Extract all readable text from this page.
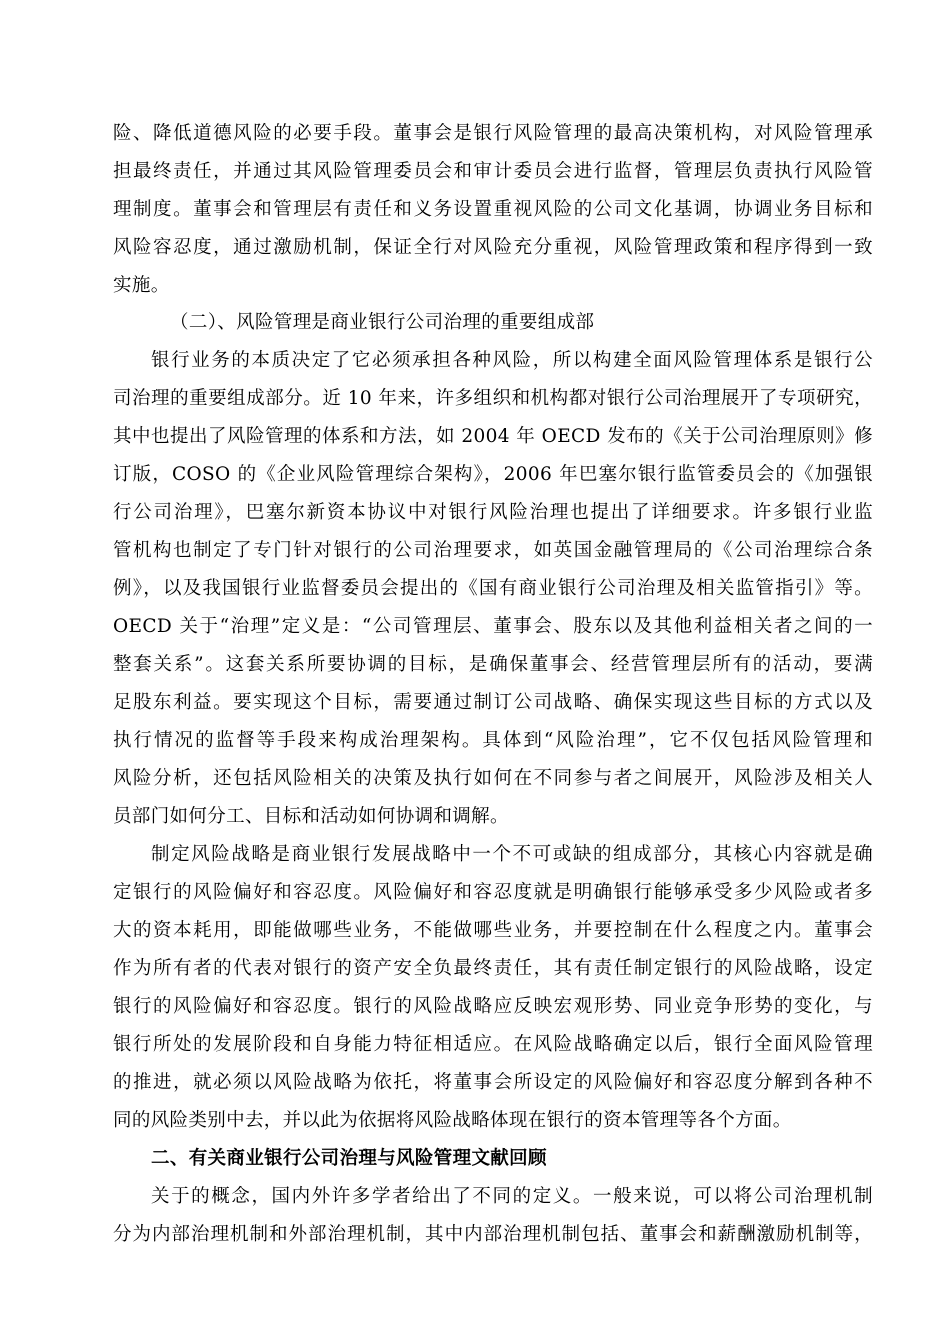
险、降低道德风险的必要手段。董事会是银行风险管理的最高决策机构，对风险管理承
担最终责任，并通过其风险管理委员会和审计委员会进行监督，管理层负责执行风险管
理制度。董事会和管理层有责任和义务设置重视风险的公司文化基调，协调业务目标和
风险容忍度，通过激励机制，保证全行对风险充分重视，风险管理政策和程序得到一致
实施。
（二）、风险管理是商业银行公司治理的重要组成部
银行业务的本质决定了它必须承担各种风险，所以构建全面风险管理体系是银行公
司治理的重要组成部分。近 10 年来，许多组织和机构都对银行公司治理展开了专项研究，
其中也提出了风险管理的体系和方法，如 2004 年 OECD 发布的《关于公司治理原则》修
订版，COSO 的《企业风险管理综合架构》，2006 年巴塞尔银行监管委员会的《加强银
行公司治理》，巴塞尔新资本协议中对银行风险治理也提出了详细要求。许多银行业监
管机构也制定了专门针对银行的公司治理要求，如英国金融管理局的《公司治理综合条
例》，以及我国银行业监督委员会提出的《国有商业银行公司治理及相关监管指引》等。
OECD 关于“治理”定义是：“公司管理层、董事会、股东以及其他利益相关者之间的一
整套关系”。这套关系所要协调的目标，是确保董事会、经营管理层所有的活动，要满
足股东利益。要实现这个目标，需要通过制订公司战略、确保实现这些目标的方式以及
执行情况的监督等手段来构成治理架构。具体到“风险治理”，它不仅包括风险管理和
风险分析，还包括风险相关的决策及执行如何在不同参与者之间展开，风险涉及相关人
员部门如何分工、目标和活动如何协调和调解。
制定风险战略是商业银行发展战略中一个不可或缺的组成部分，其核心内容就是确
定银行的风险偏好和容忍度。风险偏好和容忍度就是明确银行能够承受多少风险或者多
大的资本耗用，即能做哪些业务，不能做哪些业务，并要控制在什么程度之内。董事会
作为所有者的代表对银行的资产安全负最终责任，其有责任制定银行的风险战略，设定
银行的风险偏好和容忍度。银行的风险战略应反映宏观形势、同业竞争形势的变化，与
银行所处的发展阶段和自身能力特征相适应。在风险战略确定以后，银行全面风险管理
的推进，就必须以风险战略为依托，将董事会所设定的风险偏好和容忍度分解到各种不
同的风险类别中去，并以此为依据将风险战略体现在银行的资本管理等各个方面。
二、有关商业银行公司治理与风险管理文献回顾
关于的概念，国内外许多学者给出了不同的定义。一般来说，可以将公司治理机制
分为内部治理机制和外部治理机制，其中内部治理机制包括、董事会和薪酬激励机制等，
